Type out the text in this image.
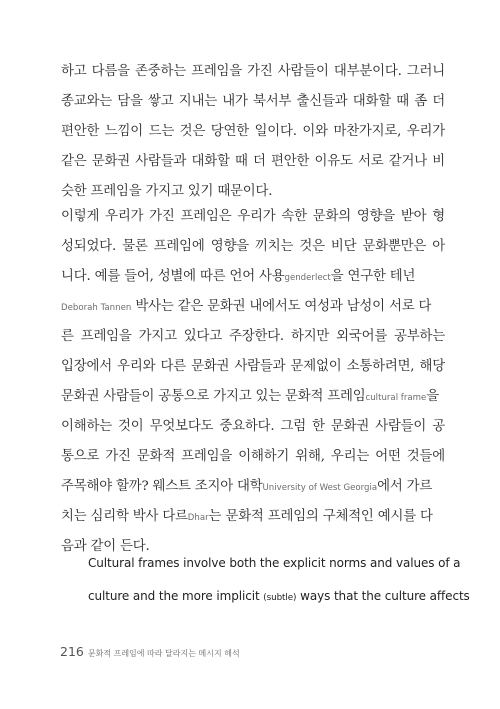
하고 다름을 존중하는 프레임을 가진 사람들이 대부분이다. 그러니
종교와는 담을 쌓고 지내는 내가 북서부 출신들과 대화할 때 좀 더
편안한 느낌이 드는 것은 당연한 일이다. 이와 마찬가지로, 우리가
같은 문화권 사람들과 대화할 때 더 편안한 이유도 서로 같거나 비
슷한 프레임을 가지고 있기 때문이다.
이렇게 우리가 가진 프레임은 우리가 속한 문화의 영향을 받아 형
성되었다. 물론 프레임에 영향을 끼치는 것은 비단 문화뿐만은 아
니다. 예를 들어, 성별에 따른 언어 사용genderlect을 연구한 테넌
Deborah Tannen 박사는 같은 문화권 내에서도 여성과 남성이 서로 다
른 프레임을 가지고 있다고 주장한다. 하지만 외국어를 공부하는
입장에서 우리와 다른 문화권 사람들과 문제없이 소통하려면, 해당
문화권 사람들이 공통으로 가지고 있는 문화적 프레임cultural frame을
이해하는 것이 무엇보다도 중요하다. 그럼 한 문화권 사람들이 공
통으로 가진 문화적 프레임을 이해하기 위해, 우리는 어떤 것들에
주목해야 할까? 웨스트 조지아 대학University of West Georgia에서 가르
치는 심리학 박사 다르Dhar는 문화적 프레임의 구체적인 예시를 다
음과 같이 든다.
Cultural frames involve both the explicit norms and values of a
culture and the more implicit (subtle) ways that the culture affects
216 문화적 프레임에 따라 달라지는 메시지 해석
